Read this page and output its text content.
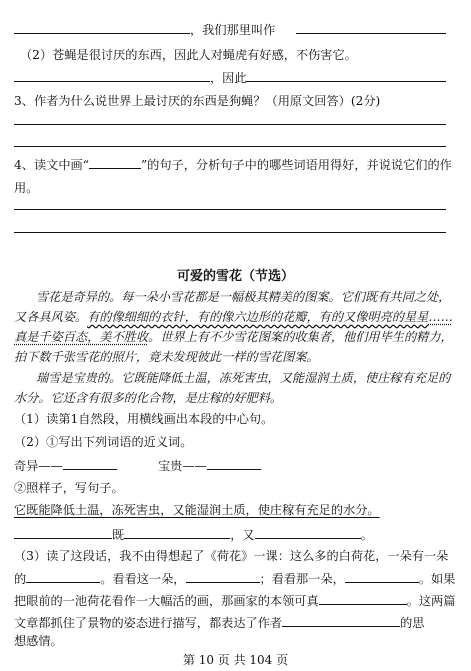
，我们那里叫作
（2）苍蝇是很讨厌的东西，因此人对蝇虎有好感，不伤害它。
，因此
3、作者为什么说世界上最讨厌的东西是狗蝇？（用原文回答）(2分)
4、读文中画“	”的句子，分析句子中的哪些词语用得好，并说说它们的作
用。
可爱的雪花（节选）
雪花是奇异的。每一朵小雪花都是一幅极其精美的图案。它们既有共同之处，
又各具风姿。有的像细细的衣针，有的像六边形的花瓣，有的又像明亮的星星……
真是千姿百态，美不胜收。世界上有不少雪花图案的收集者，他们用毕生的精力，
拍下数千张雪花的照片，竟未发现彼此一样的雪花图案。
瑞雪是宝贵的。它既能降低土温，冻死害虫，又能湿润土质，使庄稼有充足的
水分。它还含有很多的化合物，是庄稼的好肥料。
（1）读第1自然段，用横线画出本段的中心句。
（2）①写出下列词语的近义词。
奇异——	宝贵——
②照样子，写句子。
它既能降低土温，冻死害虫，又能湿润土质，使庄稼有充足的水分。
既	，又	。
（3）读了这段话，我不由得想起了《荷花》一课：这么多的白荷花，一朵有一朵
的	。看看这一朵，	；看看那一朵，	。如果
把眼前的一池荷花看作一大幅活的画，那画家的本领可真	。这两篇
文章都抓住了景物的姿态进行描写，都表达了作者	的思
想感情。
第 10 页 共 104 页
